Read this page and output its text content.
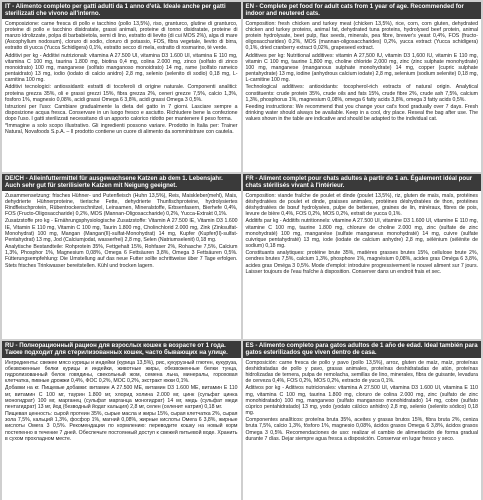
IT - Alimento completo per gatti adulti da 1 anno d'età. Ideale anche per gatti sterilizzati che vivono all'interno.

Composizione: carne fresca di pollo e tacchino (pollo 13,5%), riso, granturco, glutine di granturco, proteine di pollo e tacchino disidratate, grassi animali, proteine di tonno disidratate, proteine di manzo idrolizzate, polpa di barbabietola, semi di lino, estratto di lievito (di cui MOS 2%), alga di mare (Ascophyllum nodosum), cloruro di sodio, cloruro di potassio, FOS, fibra vegetale, lievito di birra, estratto di yucca (Yucca Schidigera) 0,1%, estratto secco di mela, estratto di rosmarino, tè verde.

Additivi per kg - Additivi nutrizionali: vitamina A 27.500 UI, vitamina D3 1.600 UI, vitamina E 110 mg, vitamina C 100 mg, taurina 1.800 mg, biotina 0,4 mg, colina 2.000 mg, zinco (solfato di zinco monoidrato) 100 mg, manganese (solfato manganoso monoidrato) 14 mg, rame (solfato rameico pentaidrato) 13 mg, iodio (iodato di calcio anidro) 2,8 mg, selenio (selenito di sodio) 0,18 mg, L-carnitina 100 mg.

Additivi tecnologici: antiossidanti: estratti di tocoferoli di origine naturale. Componenti analitici: proteina grezza 35%, oli e grassi grezzi 15%, fibra grezza 2%, ceneri grezze 7,5%, calcio 1,3%, fosforo 1%, magnesio 0,08%, acidi grassi Omega 6 3,8%, acidi grassi Omega 3 0,5%.

Istruzioni per l'uso: Cambiare gradualmente la dieta del gatto in 7 giorni. Lasciare sempre a disposizione acqua fresca. Conservare in un luogo fresco e asciutto. Richiudere bene la confezione dopo l'uso. I gatti sterilizzati necessitano di un apporto calorico ridotto per mantenere il peso forma.

*Immagine a solo scopo illustrativo. Gli ingredienti possono variare. Prodotto in Italia per: Trainer Natural, Novafoods S.p.A. – Il prodotto contiene un cuore di alimento da somministrare con cautela.

EN - Complete pet food for adult cats from 1 year of age. Recommended for indoor and neutered cats.

Composition: fresh chicken and turkey meat (chicken 13,5%), rice, corn, corn gluten, dehydrated chicken and turkey proteins, animal fat, dehydrated tuna proteins, hydrolysed beef protein, animal protein hydrolysate, beet pulp, flax seeds, minerals, pea fibre, brewer's yeast 0,4%, FOS (fructo-oligosaccharides) 0,2%, MOS (mannan-oligosaccharides) 0,2%, yucca extract (Yucca schidigera) 0,1%, dried cranberry extract 0,02%, grapeseed extract.

Additives per kg: Nutritional additives: vitamin A 27,500 IU, vitamin D3 1,600 IU, vitamin E 110 mg, vitamin C 100 mg, taurine 1,800 mg, choline chloride 2,000 mg, zinc (zinc sulphate monohydrate) 100 mg, manganese (manganous sulphate monohydrate) 14 mg, copper (cupric sulphate pentahydrate) 13 mg, iodine (anhydrous calcium iodate) 2,8 mg, selenium (sodium selenite) 0,18 mg, L-carnitine 100 mg.

Technological additives: antioxidants: tocopherol-rich extracts of natural origin. Analytical constituents: crude protein 35%, crude oils and fats 15%, crude fibre 2%, crude ash 7,5%, calcium 1,3%, phosphorus 1%, magnesium 0,08%, omega 6 fatty acids 3,8%, omega 3 fatty acids 0,5%.

Feeding instructions: We recommend that you change your cat's food gradually over 7 days. Fresh drinking water should always be available. Keep in a cool, dry place. Reseal the bag after use. The values shown in the table are indicative and should be adapted to the individual cat.

DE/CH - Alleinfuttermittel für ausgewachsene Katzen ab dem 1. Lebensjahr. Auch sehr gut für sterilisierte Katzen mit Neigung geeignet.

Zusammensetzung: frisches Hühner- und Putenfleisch (Huhn 13,5%), Reis, Maiskleber(mehl), Mais, dehydrierte Hühnerproteine, tierische Fette, dehydrierte Thunfischproteine, hydrolysiertes Rindfleischprotein, Rübentrockenschnitzel, Leinsamen, Mineralstoffe, Erbsenfasern, Bierhefe 0,4%, FOS (Fructo-Oligosaccharide) 0,2%, MOS (Mannan-Oligosaccharide) 0,2%, Yucca-Extrakt 0,1%.

Zusatzstoffe pro kg - Ernährungsphysiologische Zusatzstoffe: Vitamin A 27.500 IE, Vitamin D3 1.600 IE, Vitamin E 110 mg, Vitamin C 100 mg, Taurin 1.800 mg, Cholinchlorid 2.000 mg, Zink (Zinksulfat-Monohydrat) 100 mg, Mangan (Mangan(II)-sulfat-Monohydrat) 14 mg, Kupfer (Kupfer(II)-sulfat-Pentahydrat) 13 mg, Jod (Calciumjodat, wasserfrei) 2,8 mg, Selen (Natriumselenit) 0,18 mg.

Analytische Bestandteile: Rohprotein 35%, Fettgehalt 15%, Rohfaser 2%, Rohasche 7,5%, Calcium 1,3%, Phosphor 1%, Magnesium 0,08%, Omega 6 Fettsäuren 3,8%, Omega 3 Fettsäuren 0,5%. Fütterungsempfehlung: Die Umstellung auf das neue Futter sollte schrittweise über 7 Tage erfolgen. Stets frisches Trinkwasser bereitstellen. Kühl und trocken lagern.

FR - Aliment complet pour chats adultes à partir de 1 an. Également idéal pour chats stérilisés vivant à l'intérieur.

Composition: viande fraîche de poulet et dinde (poulet 13,5%), riz, gluten de maïs, maïs, protéines déshydratées de poulet et dinde, graisses animales, protéines déshydratées de thon, protéines déshydratées de bœuf hydrolysées, pulpe de betterave, graines de lin, minéraux, fibres de pois, levure de bière 0,4%, FOS 0,2%, MOS 0,2%, extrait de yucca 0,1%.

Additifs par kg - Additifs nutritionnels: vitamine A 27.500 UI, vitamine D3 1.600 UI, vitamine E 110 mg, vitamine C 100 mg, taurine 1.800 mg, chlorure de choline 2.000 mg, zinc (sulfate de zinc monohydraté) 100 mg, manganèse (sulfate manganeux monohydraté) 14 mg, cuivre (sulfate cuivrique pentahydraté) 13 mg, iode (iodate de calcium anhydre) 2,8 mg, sélénium (sélénite de sodium) 0,18 mg.

Constituants analytiques: protéine brute 35%, matières grasses brutes 15%, cellulose brute 2%, cendres brutes 7,5%, calcium 1,3%, phosphore 1%, magnésium 0,08%, acides gras Oméga 6 3,8%, acides gras Oméga 3 0,5%. Mode d'emploi: introduire progressivement le nouvel aliment sur 7 jours. Laisser toujours de l'eau fraîche à disposition. Conserver dans un endroit frais et sec.

RU - Полнорационный рацион для взрослых кошек в возрасте от 1 года. Также подходит для стерилизованных кошек, часто бывающих на улице.

Ингредиенты: свежее мясо курицы и индейки (курица 13,5%), рис, кукурузный глютен, кукуруза, обезвоженные белки курицы и индейки, животные жиры, обезвоженные белки тунца, гидролизованный белок говядины, свекольный жом, семена льна, минералы, гороховая клетчатка, пивные дрожжи 0,4%, ФОС 0,2%, МОС 0,2%, экстракт юкки 0,1%.

Добавки на кг. Пищевые добавки: витамин A 27.500 МЕ, витамин D3 1.600 МЕ, витамин E 110 мг, витамин C 100 мг, таурин 1.800 мг, хлорид холина 2.000 мг, цинк (сульфат цинка моногидрат) 100 мг, марганец (сульфат марганца моногидрат) 14 мг, медь (сульфат меди пентагидрат) 13 мг, йод (безводный йодат кальция) 2,8 мг, селен (селенит натрия) 0,18 мг.

Пищевая ценность: сырой протеин 35%, сырые масла и жиры 15%, сырая клетчатка 2%, сырая зола 7,5%, кальций 1,3%, фосфор 1%, магний 0,08%, жирные кислоты Омега 6 3,8%, жирные кислоты Омега 3 0,5%. Рекомендации по кормлению: переводите кошку на новый корм постепенно в течение 7 дней. Обеспечьте постоянный доступ к свежей питьевой воде. Хранить в сухом прохладном месте.

ES - Alimento completo para gatos adultos de 1 año de edad. Ideal también para gatos esterilizados que viven dentro de casa.

Composición: carne fresca de pollo y pavo (pollo 13,5%), arroz, gluten de maíz, maíz, proteínas deshidratadas de pollo y pavo, grasas animales, proteínas deshidratadas de atún, proteínas hidrolizadas de ternera, pulpa de remolacha, semillas de lino, minerales, fibra de guisante, levadura de cerveza 0,4%, FOS 0,2%, MOS 0,2%, extracto de yuca 0,1%.

Aditivos por kg - Aditivos nutricionales: vitamina A 27.500 UI, vitamina D3 1.600 UI, vitamina E 110 mg, vitamina C 100 mg, taurina 1.800 mg, cloruro de colina 2.000 mg, zinc (sulfato de zinc monohidratado) 100 mg, manganeso (sulfato manganoso monohidratado) 14 mg, cobre (sulfato cúprico pentahidratado) 13 mg, yodo (yodato cálcico anhidro) 2,8 mg, selenio (selenito sódico) 0,18 mg.

Componentes analíticos: proteína bruta 35%, aceites y grasas brutos 15%, fibra bruta 2%, ceniza bruta 7,5%, calcio 1,3%, fósforo 1%, magnesio 0,08%, ácidos grasos Omega 6 3,8%, ácidos grasos Omega 3 0,5%. Recomendaciones de uso: realizar el cambio de alimentación de forma gradual durante 7 días. Dejar siempre agua fresca a disposición. Conservar en lugar fresco y seco.
